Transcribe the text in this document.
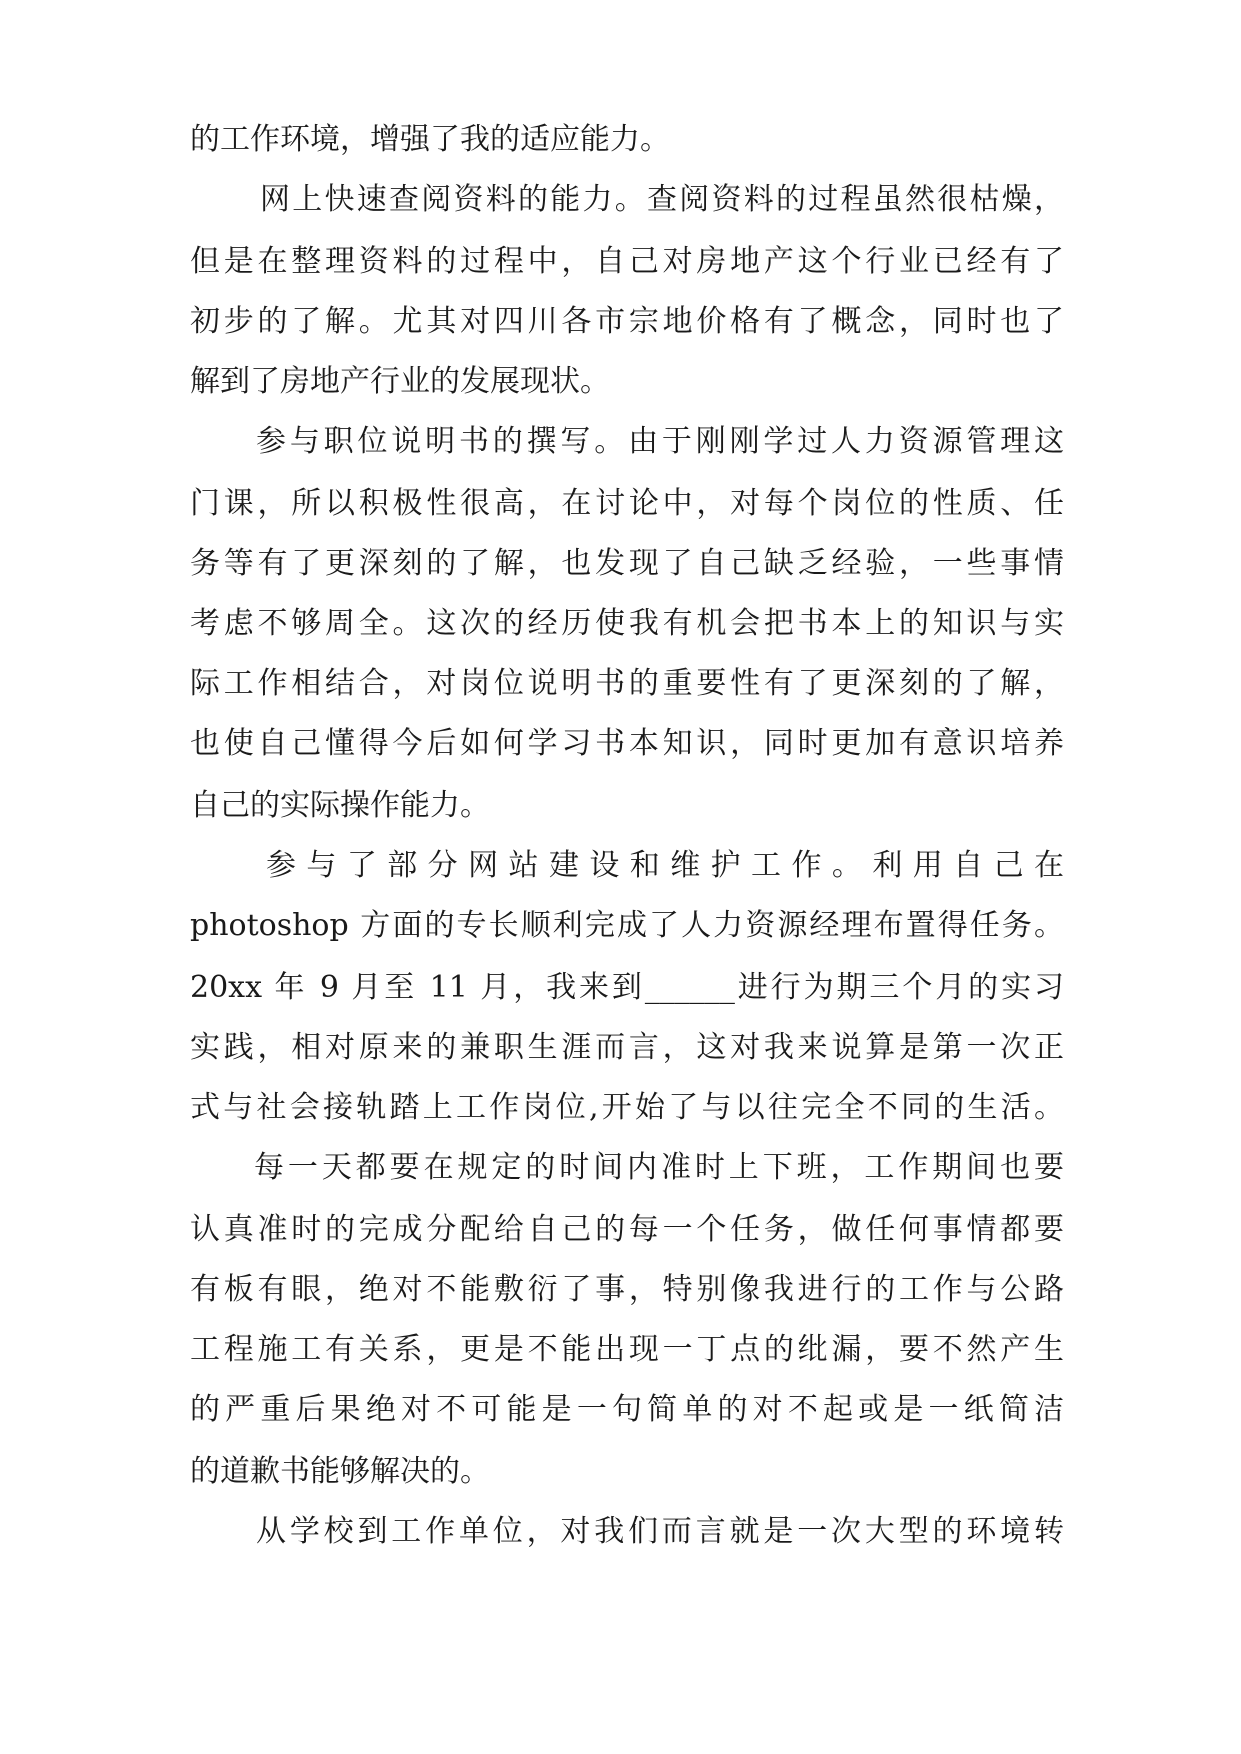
的工作环境，增强了我的适应能力。
网上快速查阅资料的能力。查阅资料的过程虽然很枯燥，
但是在整理资料的过程中，自己对房地产这个行业已经有了
初步的了解。尤其对四川各市宗地价格有了概念，同时也了
解到了房地产行业的发展现状。
参与职位说明书的撰写。由于刚刚学过人力资源管理这
门课，所以积极性很高，在讨论中，对每个岗位的性质、任
务等有了更深刻的了解，也发现了自己缺乏经验，一些事情
考虑不够周全。这次的经历使我有机会把书本上的知识与实
际工作相结合，对岗位说明书的重要性有了更深刻的了解，
也使自己懂得今后如何学习书本知识，同时更加有意识培养
自己的实际操作能力。
参与了部分网站建设和维护工作。利用自己在
photoshop 方面的专长顺利完成了人力资源经理布置得任务。
20xx 年 9 月至 11 月，我来到______进行为期三个月的实习
实践，相对原来的兼职生涯而言，这对我来说算是第一次正
式与社会接轨踏上工作岗位,开始了与以往完全不同的生活。
每一天都要在规定的时间内准时上下班，工作期间也要
认真准时的完成分配给自己的每一个任务，做任何事情都要
有板有眼，绝对不能敷衍了事，特别像我进行的工作与公路
工程施工有关系，更是不能出现一丁点的纰漏，要不然产生
的严重后果绝对不可能是一句简单的对不起或是一纸简洁
的道歉书能够解决的。
从学校到工作单位，对我们而言就是一次大型的环境转
